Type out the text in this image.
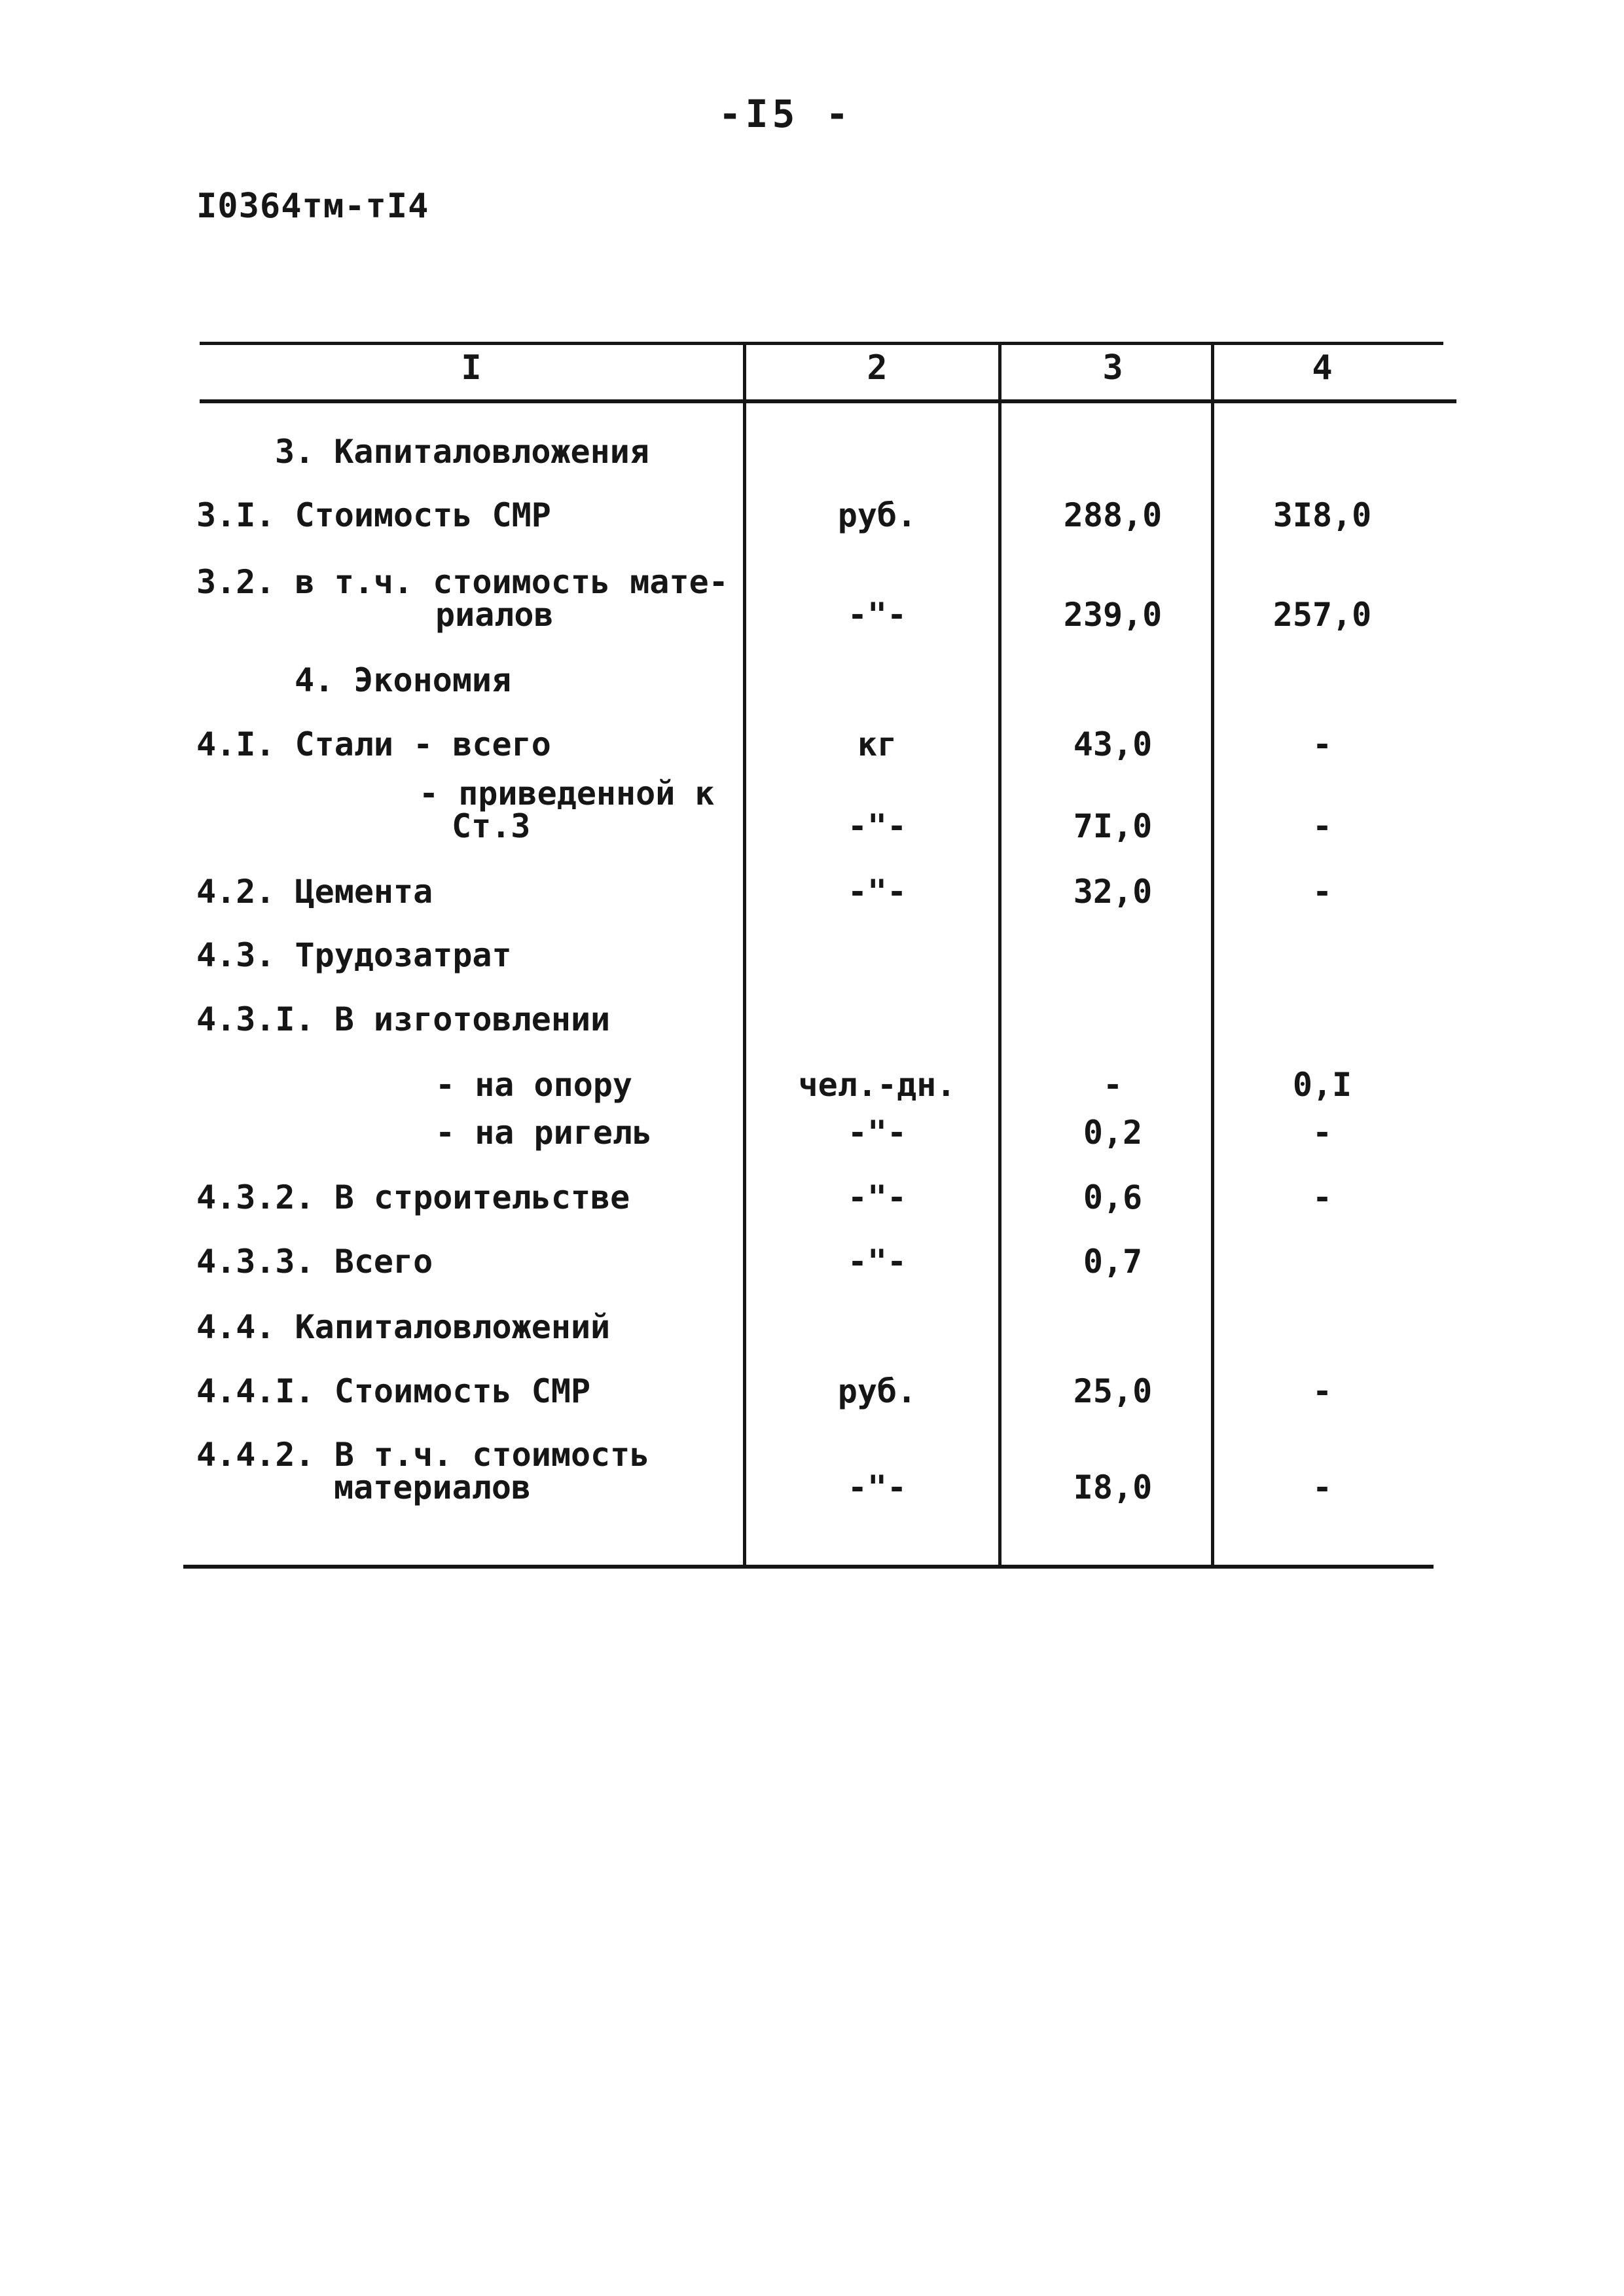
-I5 -
I0364тм-тI4
I	2	3	4
3. Капиталовложения
3.I. Стоимость СМР	руб.	288,0	3I8,0
3.2. в т.ч. стоимость мате-
риалов	-"-	239,0	257,0
4. Экономия
4.I. Стали - всего	кг	43,0	-
- приведенной к
Ст.3	-"-	7I,0	-
4.2. Цемента	-"-	32,0	-
4.3. Трудозатрат
4.3.I. В изготовлении
- на опору	чел.-дн.	-	0,I
- на ригель	-"-	0,2	-
4.3.2. В строительстве	-"-	0,6	-
4.3.3. Всего	-"-	0,7
4.4. Капиталовложений
4.4.I. Стоимость СМР	руб.	25,0	-
4.4.2. В т.ч. стоимость
материалов	-"-	I8,0	-
